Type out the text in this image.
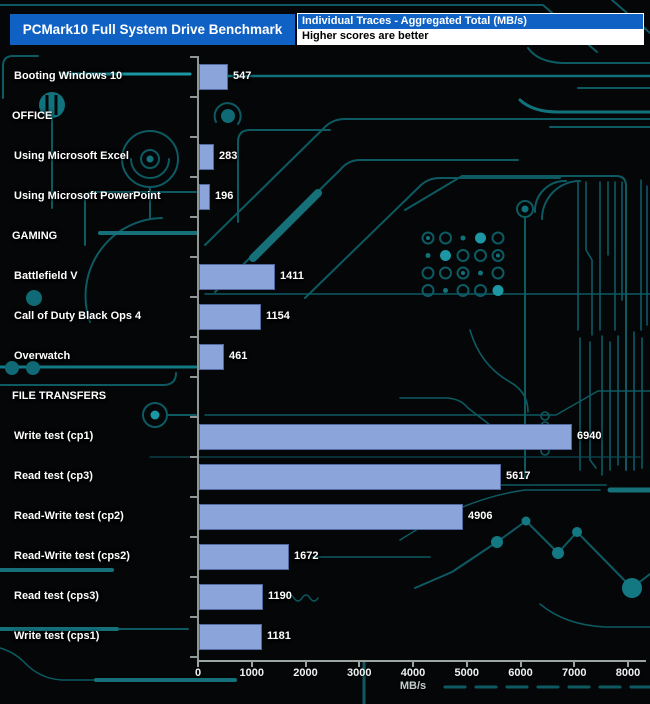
PCMark10 Full System Drive Benchmark
Individual Traces - Aggregated Total (MB/s)
Higher scores are better
MB/s
Booting Windows 10	547
OFFICE
Using Microsoft Excel	283
Using Microsoft PowerPoint	196
GAMING
Battlefield V	1411
Call of Duty Black Ops 4	1154
Overwatch	461
FILE TRANSFERS
Write test (cp1)	6940
Read test (cp3)	5617
Read-Write test (cp2)	4906
Read-Write test (cps2)	1672
Read test (cps3)	1190
Write test (cps1)	1181
0	1000	2000	3000	4000	5000	6000	7000	8000
